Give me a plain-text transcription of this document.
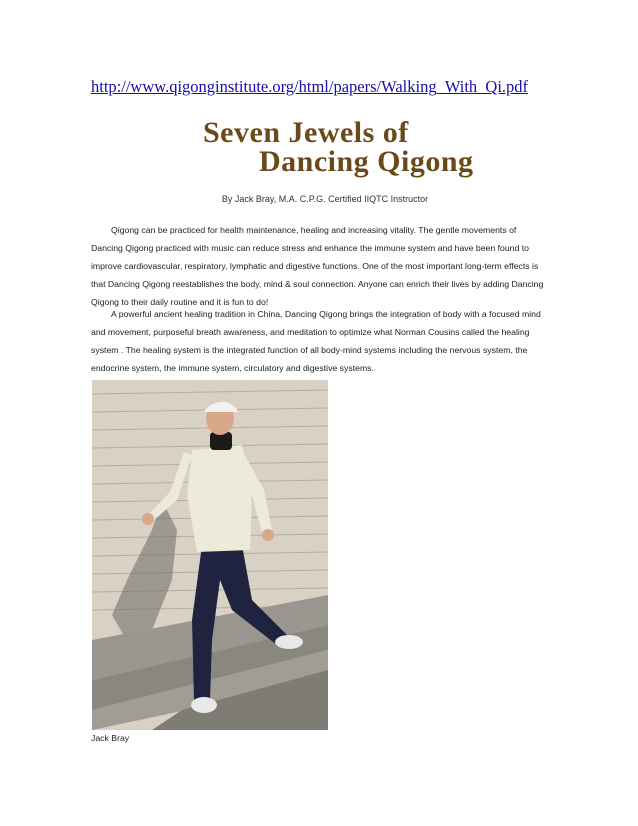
http://www.qigonginstitute.org/html/papers/Walking_With_Qi.pdf
Seven Jewels of
Dancing Qigong
By Jack Bray, M.A. C.P.G. Certified IIQTC Instructor
Qigong can be practiced for health maintenance, healing and increasing vitality. The gentle movements of Dancing Qigong practiced with music can reduce stress and enhance the immune system and have been found to improve cardiovascular, respiratory, lymphatic and digestive functions. One of the most important long-term effects is that Dancing Qigong reestablishes the body, mind & soul connection. Anyone can enrich their lives by adding Dancing Qigong to their daily routine and it is fun to do!
A powerful ancient healing tradition in China, Dancing Qigong brings the integration of body with a focused mind and movement, purposeful breath awareness, and meditation to optimize what Norman Cousins called the healing system . The healing system is the integrated function of all body-mind systems including the nervous system, the endocrine system, the immune system, circulatory and digestive systems.
Jack Bray
